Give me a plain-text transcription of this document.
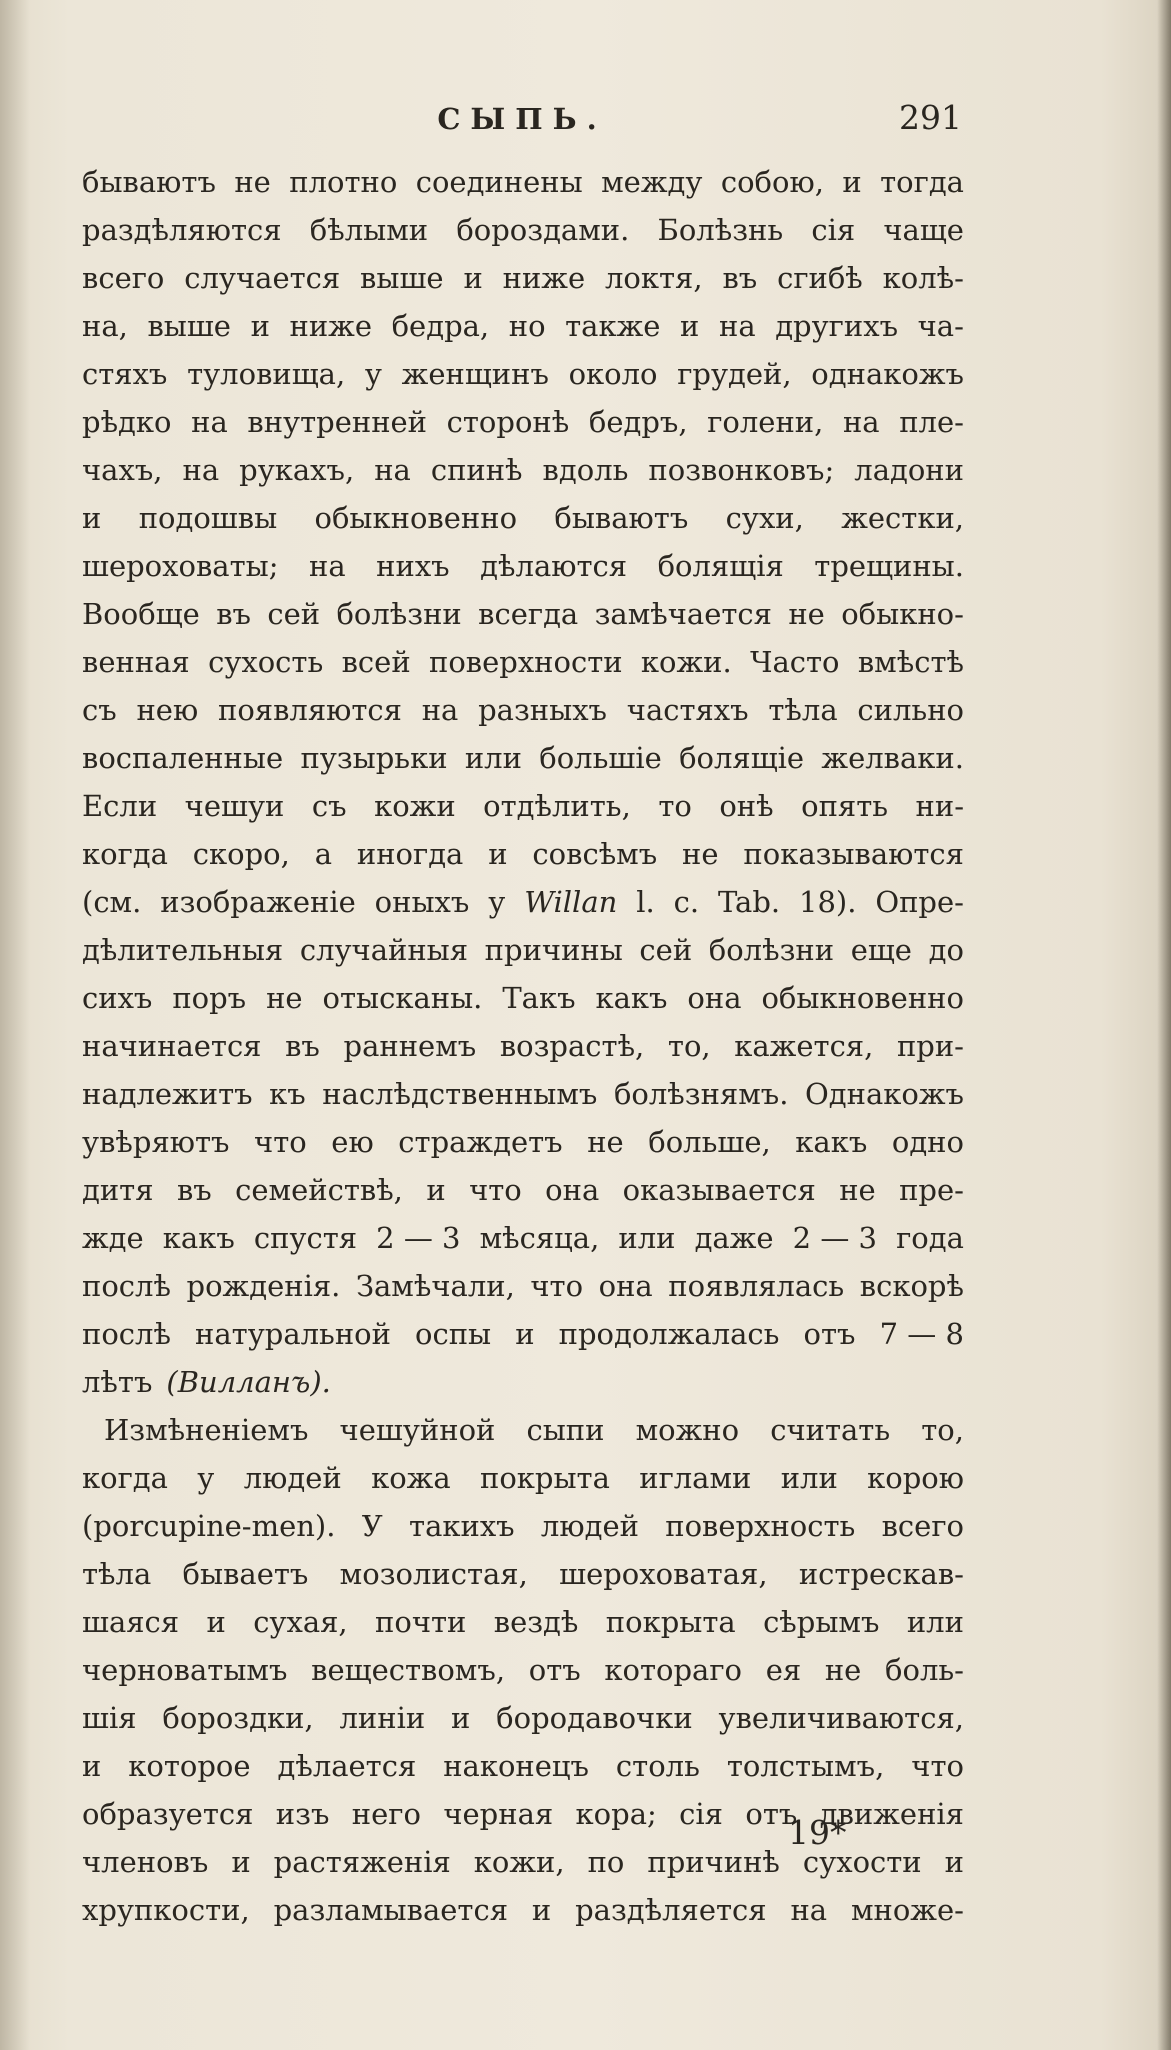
СЫПЬ.	291
бываютъ не плотно соединены между собою, и тогда
раздѣляются бѣлыми бороздами. Болѣзнь сія чаще
всего случается выше и ниже локтя, въ сгибѣ колѣ-
на, выше и ниже бедра, но также и на другихъ ча-
стяхъ туловища, у женщинъ около грудей, однакожъ
рѣдко на внутренней сторонѣ бедръ, голени, на пле-
чахъ, на рукахъ, на спинѣ вдоль позвонковъ; ладони
и подошвы обыкновенно бываютъ сухи, жестки,
шероховаты; на нихъ дѣлаются болящія трещины.
Вообще въ сей болѣзни всегда замѣчается не обыкно-
венная сухость всей поверхности кожи. Часто вмѣстѣ
съ нею появляются на разныхъ частяхъ тѣла сильно
воспаленные пузырьки или большіе болящіе желваки.
Если чешуи съ кожи отдѣлить, то онѣ опять ни-
когда скоро, а иногда и совсѣмъ не показываются
(см. изображеніе оныхъ у Willan l. c. Tab. 18). Опре-
дѣлительныя случайныя причины сей болѣзни еще до
сихъ поръ не отысканы. Такъ какъ она обыкновенно
начинается въ раннемъ возрастѣ, то, кажется, при-
надлежитъ къ наслѣдственнымъ болѣзнямъ. Однакожъ
увѣряютъ что ею страждетъ не больше, какъ одно
дитя въ семействѣ, и что она оказывается не пре-
жде какъ спустя 2 — 3 мѣсяца, или даже 2 — 3 года
послѣ рожденія. Замѣчали, что она появлялась вскорѣ
послѣ натуральной оспы и продолжалась отъ 7 — 8
лѣтъ (Вилланъ).
Измѣненіемъ чешуйной сыпи можно считать то,
когда у людей кожа покрыта иглами или корою
(porcupine-men). У такихъ людей поверхность всего
тѣла бываетъ мозолистая, шероховатая, истрескав-
шаяся и сухая, почти вездѣ покрыта сѣрымъ или
черноватымъ веществомъ, отъ котораго ея не боль-
шія бороздки, линіи и бородавочки увеличиваются,
и которое дѣлается наконецъ столь толстымъ, что
образуется изъ него черная кора; сія отъ движенія
членовъ и растяженія кожи, по причинѣ сухости и
хрупкости, разламывается и раздѣляется на множе-
19*
